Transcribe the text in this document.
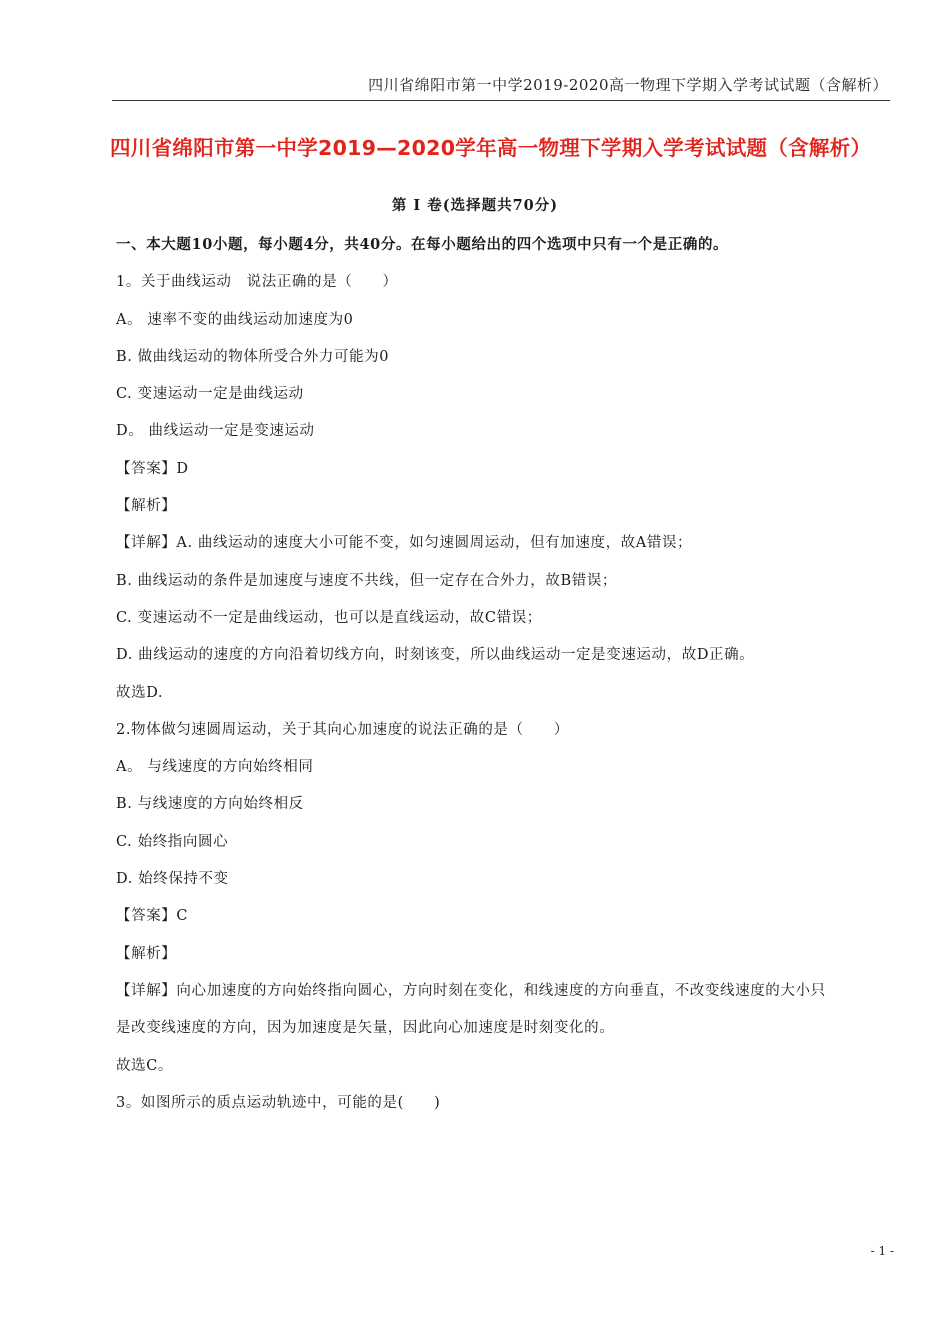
四川省绵阳市第一中学2019-2020高一物理下学期入学考试试题（含解析）
四川省绵阳市第一中学2019—2020学年高一物理下学期入学考试试题（含解析）
第 I 卷(选择题共70分)
一、本大题10小题，每小题4分，共40分。在每小题给出的四个选项中只有一个是正确的。
1。关于曲线运动　说法正确的是（　　）
A。 速率不变的曲线运动加速度为0
B. 做曲线运动的物体所受合外力可能为0
C. 变速运动一定是曲线运动
D。 曲线运动一定是变速运动
【答案】D
【解析】
【详解】A. 曲线运动的速度大小可能不变，如匀速圆周运动，但有加速度，故A错误；
B. 曲线运动的条件是加速度与速度不共线，但一定存在合外力，故B错误；
C. 变速运动不一定是曲线运动，也可以是直线运动，故C错误；
D. 曲线运动的速度的方向沿着切线方向，时刻该变，所以曲线运动一定是变速运动，故D正确。
故选D.
2.物体做匀速圆周运动，关于其向心加速度的说法正确的是（　　）
A。 与线速度的方向始终相同
B. 与线速度的方向始终相反
C. 始终指向圆心
D. 始终保持不变
【答案】C
【解析】
【详解】向心加速度的方向始终指向圆心，方向时刻在变化，和线速度的方向垂直，不改变线速度的大小只
是改变线速度的方向，因为加速度是矢量，因此向心加速度是时刻变化的。
故选C。
3。如图所示的质点运动轨迹中，可能的是(　　)
- 1 -
